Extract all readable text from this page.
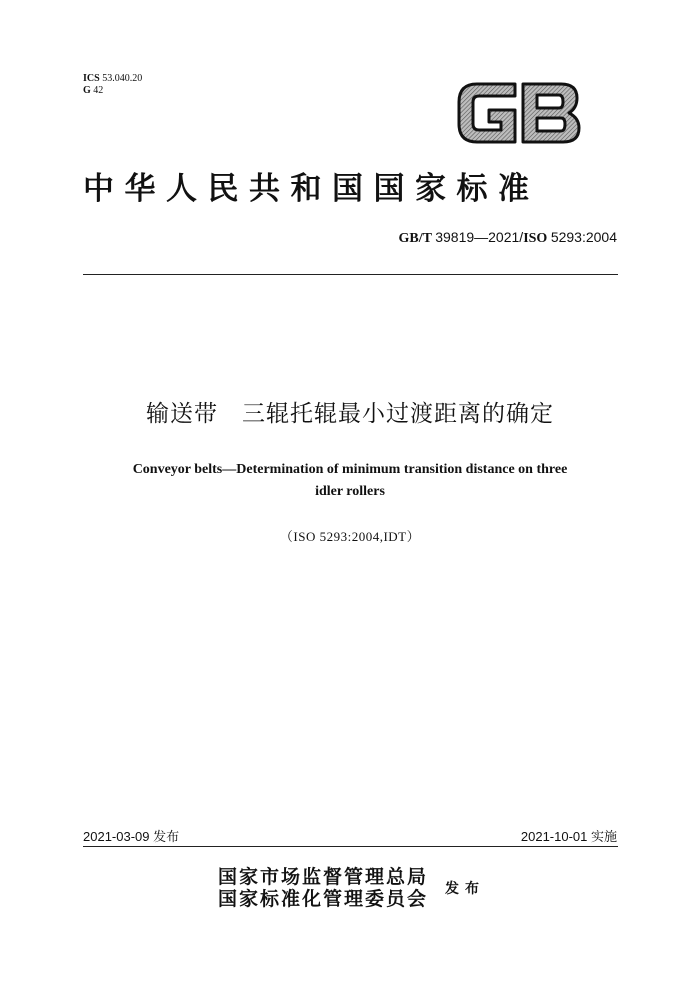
ICS 53.040.20
G 42
中华人民共和国国家标准
GB/T 39819—2021/ISO 5293:2004
输送带　三辊托辊最小过渡距离的确定
Conveyor belts—Determination of minimum transition distance on three
idler rollers
（ISO 5293:2004,IDT）
2021-03-09 发布	2021-10-01 实施
国家市场监督管理总局
国家标准化管理委员会 发布
